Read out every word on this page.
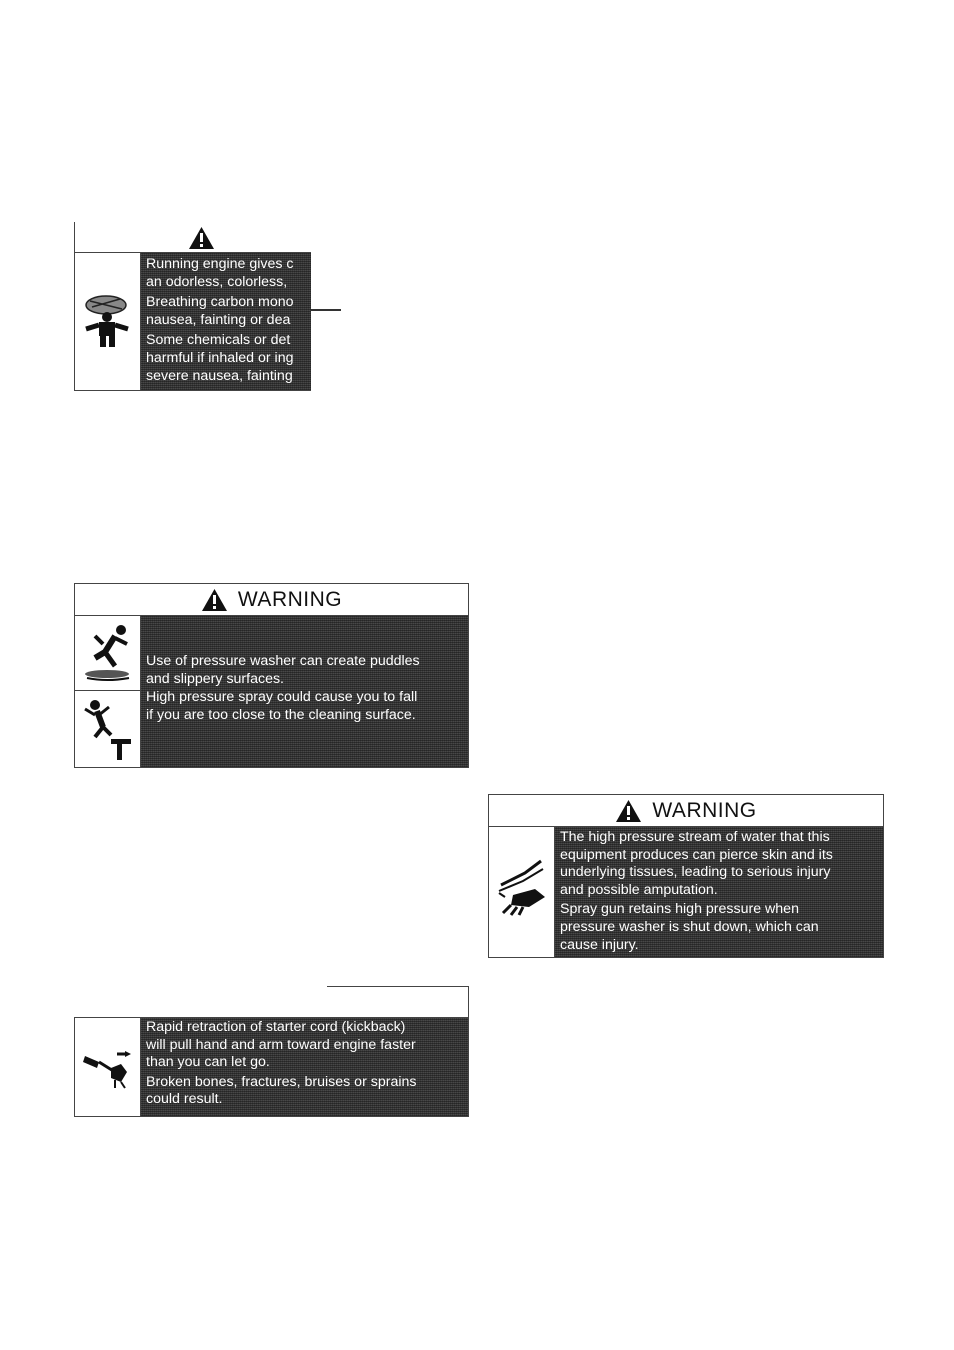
Running engine gives c
an odorless, colorless,

Breathing carbon mono
nausea, fainting or dea

Some chemicals or det
harmful if inhaled or ing
severe nausea, fainting

WARNING

Use of pressure washer can create puddles
and slippery surfaces.

High pressure spray could cause you to fall
if you are too close to the cleaning surface.

WARNING

The high pressure stream of water that this
equipment produces can pierce skin and its
underlying tissues, leading to serious injury
and possible amputation.

Spray gun retains high pressure when
pressure washer is shut down, which can
cause injury.

Rapid retraction of starter cord (kickback)
will pull hand and arm toward engine faster
than you can let go.

Broken bones, fractures, bruises or sprains
could result.
